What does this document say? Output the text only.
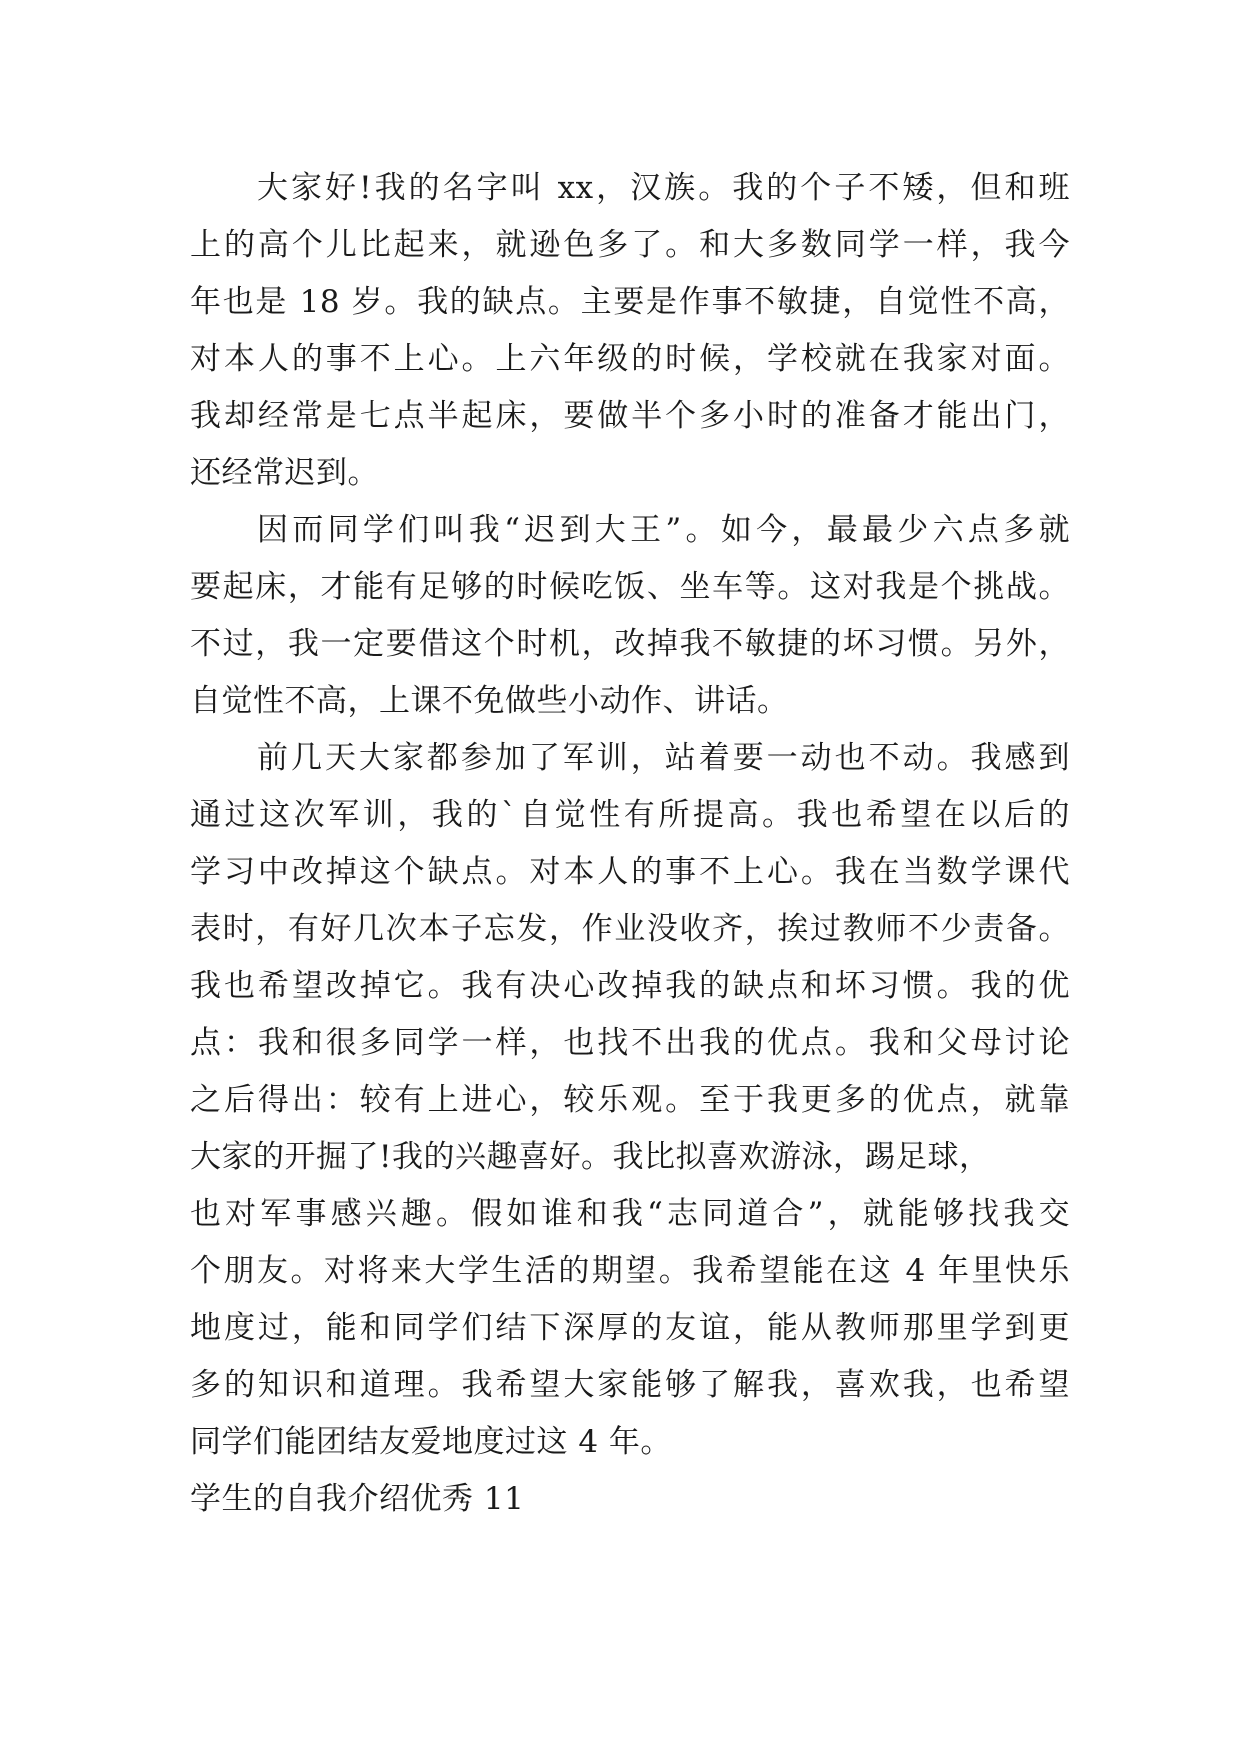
大家好!我的名字叫 xx，汉族。我的个子不矮，但和班
上的高个儿比起来，就逊色多了。和大多数同学一样，我今
年也是 18 岁。我的缺点。主要是作事不敏捷，自觉性不高，
对本人的事不上心。上六年级的时候，学校就在我家对面。
我却经常是七点半起床，要做半个多小时的准备才能出门，
还经常迟到。
因而同学们叫我“迟到大王”。如今，最最少六点多就
要起床，才能有足够的时候吃饭、坐车等。这对我是个挑战。
不过，我一定要借这个时机，改掉我不敏捷的坏习惯。另外，
自觉性不高，上课不免做些小动作、讲话。
前几天大家都参加了军训，站着要一动也不动。我感到
通过这次军训，我的`自觉性有所提高。我也希望在以后的
学习中改掉这个缺点。对本人的事不上心。我在当数学课代
表时，有好几次本子忘发，作业没收齐，挨过教师不少责备。
我也希望改掉它。我有决心改掉我的缺点和坏习惯。我的优
点：我和很多同学一样，也找不出我的优点。我和父母讨论
之后得出：较有上进心，较乐观。至于我更多的优点，就靠
大家的开掘了!我的兴趣喜好。我比拟喜欢游泳，踢足球，
也对军事感兴趣。假如谁和我“志同道合”，就能够找我交
个朋友。对将来大学生活的期望。我希望能在这 4 年里快乐
地度过，能和同学们结下深厚的友谊，能从教师那里学到更
多的知识和道理。我希望大家能够了解我，喜欢我，也希望
同学们能团结友爱地度过这 4 年。
学生的自我介绍优秀 11
